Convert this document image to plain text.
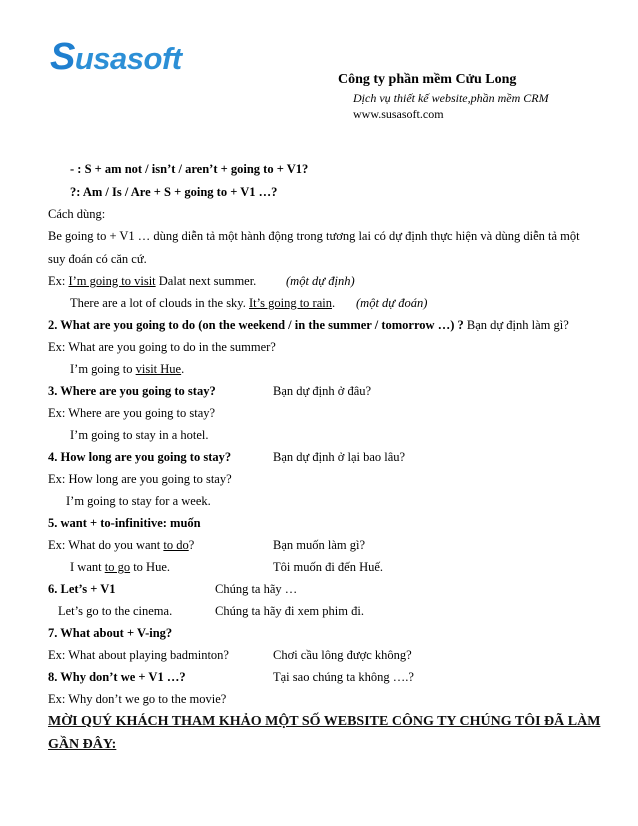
Susasoft
Công ty phần mềm Cửu Long
Dịch vụ thiết kế website,phần mềm CRM
www.susasoft.com
- : S + am not / isn’t / aren’t + going to + V1?
?: Am / Is / Are + S + going to + V1 …?
Cách dùng:
Be going to + V1 … dùng diễn tả một hành động trong tương lai có dự định thực hiện và dùng diễn tả một
suy đoán có căn cứ.
Ex: I’m going to visit Dalat next summer. (một dự định)
There are a lot of clouds in the sky. It’s going to rain. (một dự đoán)
2. What are you going to do (on the weekend / in the summer / tomorrow …) ? Bạn dự định làm gì?
Ex: What are you going to do in the summer?
I’m going to visit Hue.
3. Where are you going to stay?	Bạn dự định ở đâu?
Ex: Where are you going to stay?
I’m going to stay in a hotel.
4. How long are you going to stay?	Bạn dự định ở lại bao lâu?
Ex: How long are you going to stay?
I’m going to stay for a week.
5. want + to-infinitive: muốn
Ex: What do you want to do?	Bạn muốn làm gì?
I want to go to Hue.	Tôi muốn đi đến Huế.
6. Let’s + V1	Chúng ta hãy …
Let’s go to the cinema.	Chúng ta hãy đi xem phim đi.
7. What about + V-ing?
Ex: What about playing badminton?	Chơi cầu lông được không?
8. Why don’t we + V1 …?	Tại sao chúng ta không ….?
Ex: Why don’t we go to the movie?
MỜI QUÝ KHÁCH THAM KHẢO MỘT SỐ WEBSITE CÔNG TY CHÚNG TÔI ĐÃ LÀM
GẦN ĐÂY:
